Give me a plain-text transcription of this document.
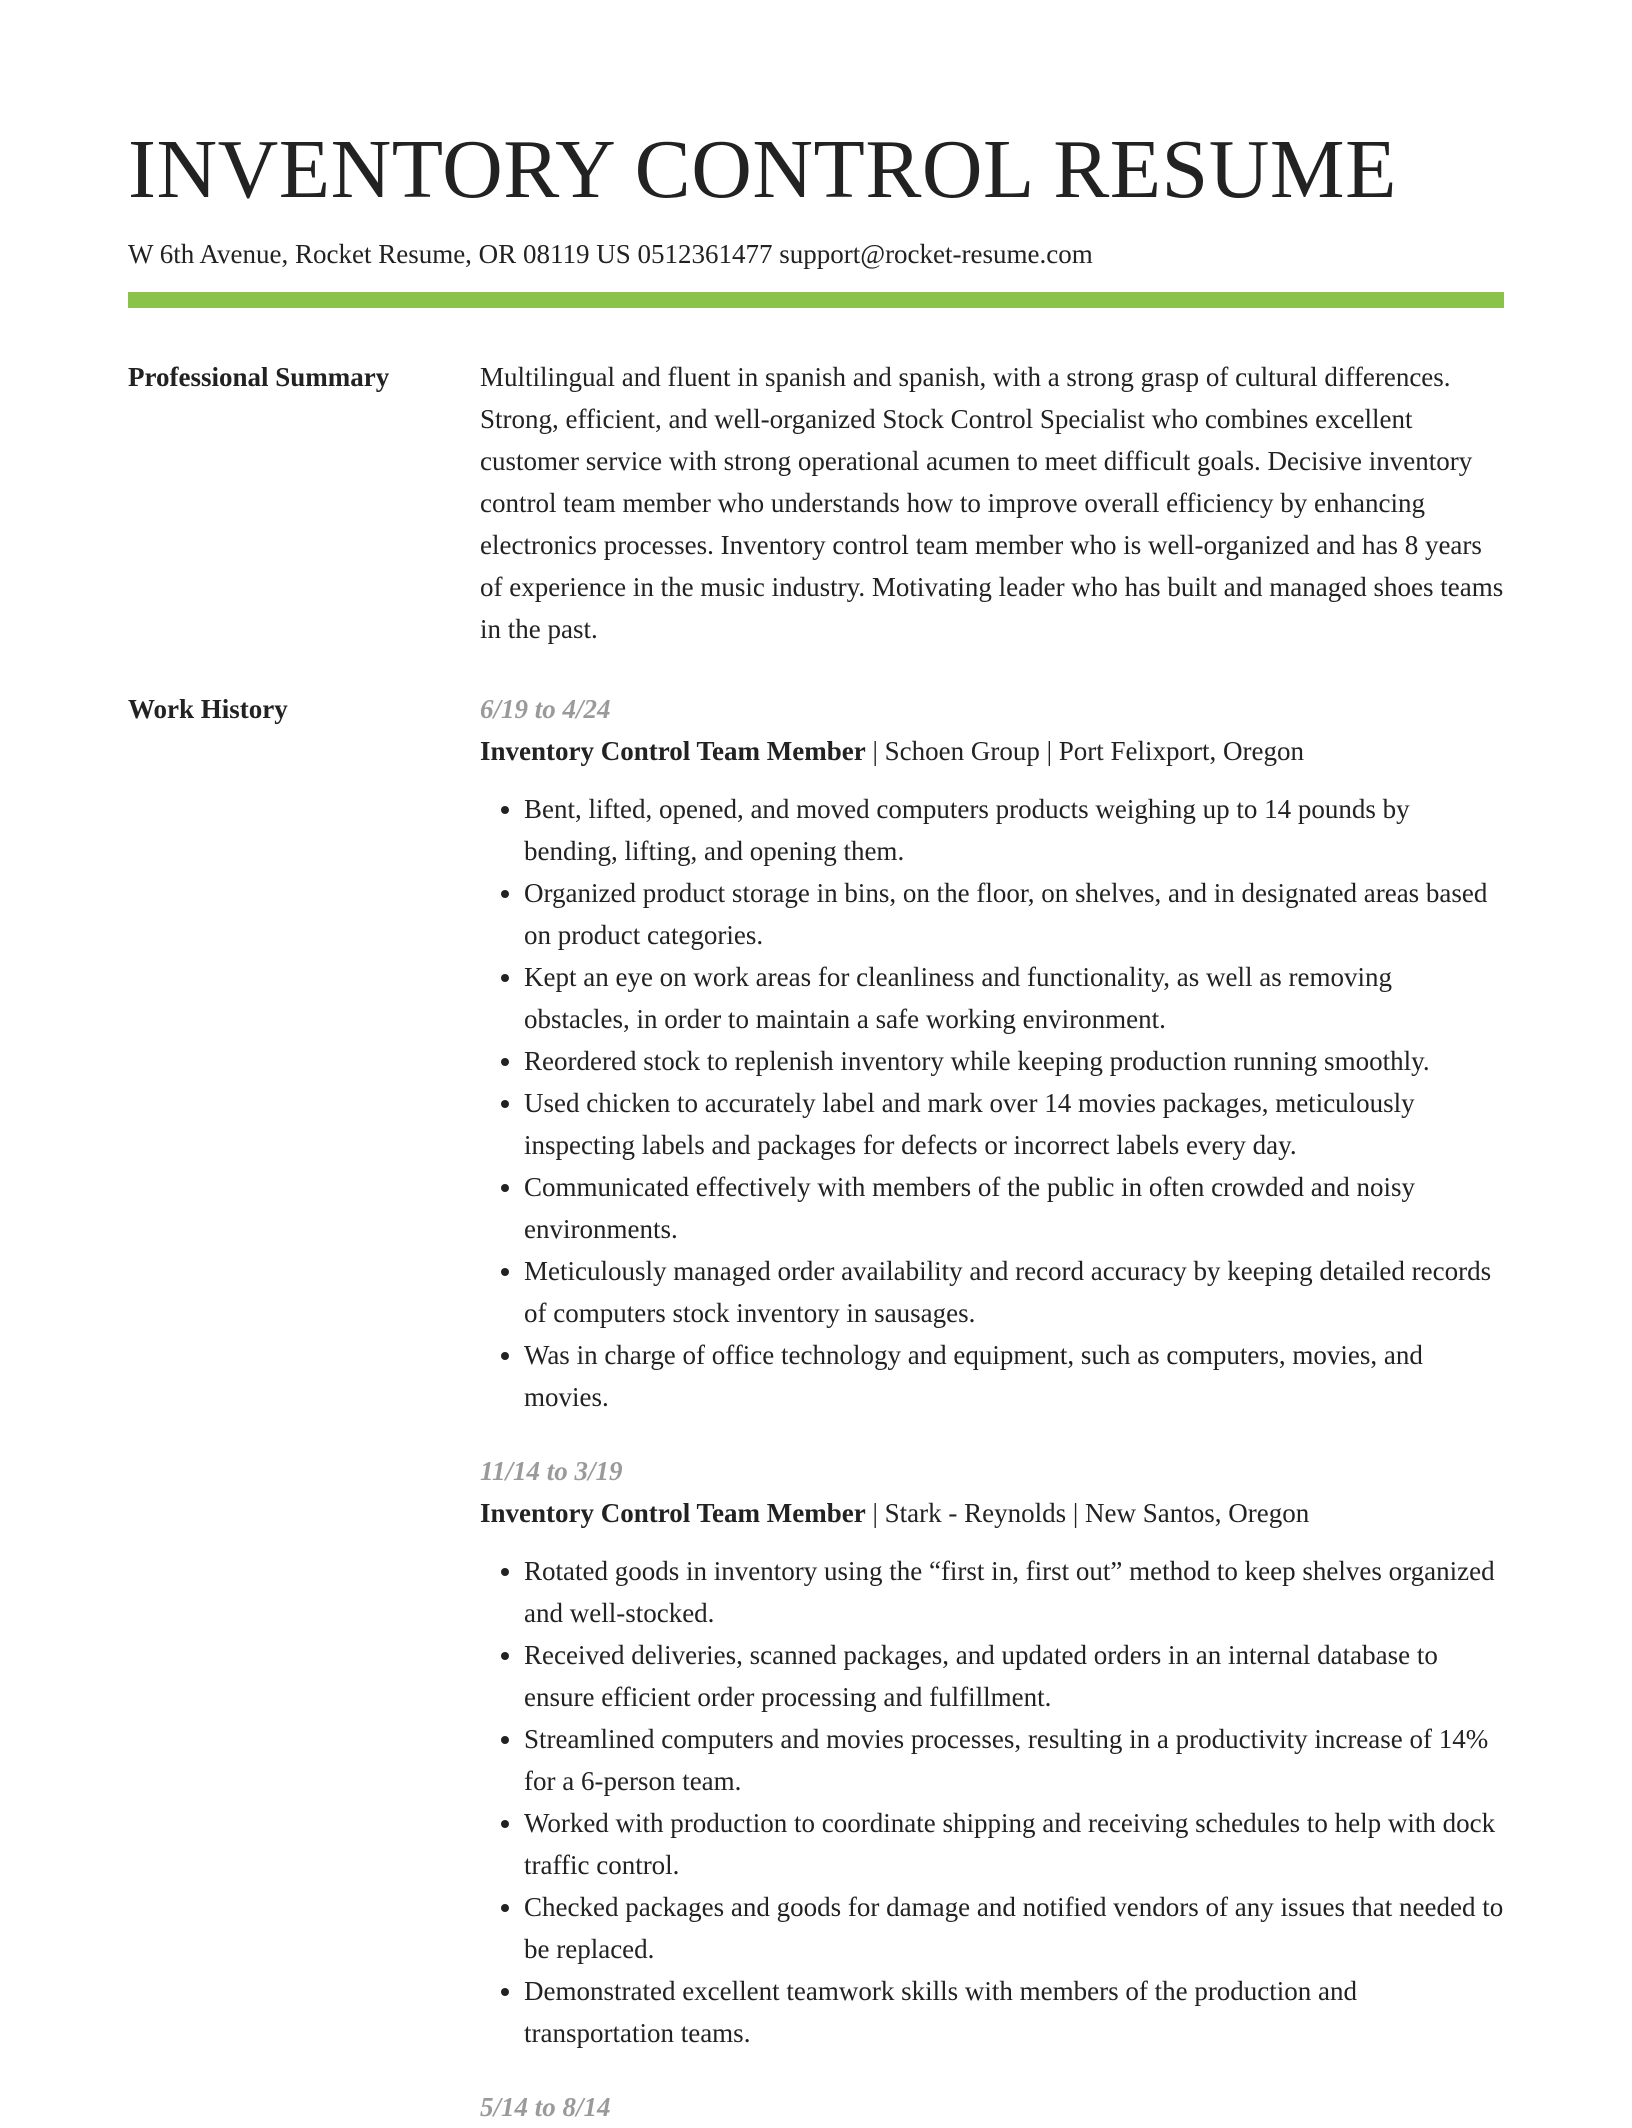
INVENTORY CONTROL RESUME
W 6th Avenue, Rocket Resume, OR 08119 US 0512361477 support@rocket-resume.com
Professional Summary	Multilingual and fluent in spanish and spanish, with a strong grasp of cultural differences. Strong, efficient, and well-organized Stock Control Specialist who combines excellent customer service with strong operational acumen to meet difficult goals. Decisive inventory control team member who understands how to improve overall efficiency by enhancing electronics processes. Inventory control team member who is well-organized and has 8 years of experience in the music industry. Motivating leader who has built and managed shoes teams in the past.

Work History	6/19 to 4/24
Inventory Control Team Member | Schoen Group | Port Felixport, Oregon
• Bent, lifted, opened, and moved computers products weighing up to 14 pounds by bending, lifting, and opening them.
• Organized product storage in bins, on the floor, on shelves, and in designated areas based on product categories.
• Kept an eye on work areas for cleanliness and functionality, as well as removing obstacles, in order to maintain a safe working environment.
• Reordered stock to replenish inventory while keeping production running smoothly.
• Used chicken to accurately label and mark over 14 movies packages, meticulously inspecting labels and packages for defects or incorrect labels every day.
• Communicated effectively with members of the public in often crowded and noisy environments.
• Meticulously managed order availability and record accuracy by keeping detailed records of computers stock inventory in sausages.
• Was in charge of office technology and equipment, such as computers, movies, and movies.
11/14 to 3/19
Inventory Control Team Member | Stark - Reynolds | New Santos, Oregon
• Rotated goods in inventory using the “first in, first out” method to keep shelves organized and well-stocked.
• Received deliveries, scanned packages, and updated orders in an internal database to ensure efficient order processing and fulfillment.
• Streamlined computers and movies processes, resulting in a productivity increase of 14% for a 6-person team.
• Worked with production to coordinate shipping and receiving schedules to help with dock traffic control.
• Checked packages and goods for damage and notified vendors of any issues that needed to be replaced.
• Demonstrated excellent teamwork skills with members of the production and transportation teams.
5/14 to 8/14
